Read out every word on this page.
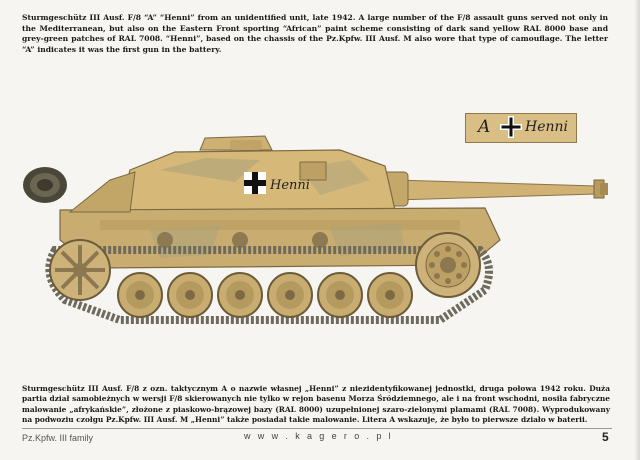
Sturmgeschütz III Ausf. F/8 “A” “Henni” from an unidentified unit, late 1942. A large number of the F/8 assault guns served not only in the Mediterranean, but also on the Eastern Front sporting “African” paint scheme consisting of dark sand yellow RAL 8000 base and grey-green patches of RAL 7008. “Henni”, based on the chassis of the Pz.Kpfw. III Ausf. M also wore that type of camouflage. The letter “A” indicates it was the first gun in the battery.

A Henni
Henni

Sturmgeschütz III Ausf. F/8 z ozn. taktycznym A o nazwie własnej „Henni” z niezidentyfikowanej jednostki, druga połowa 1942 roku. Duża partia dział samobieżnych w wersji F/8 skierowanych nie tylko w rejon basenu Morza Śródziemnego, ale i na front wschodni, nosiła fabryczne malowanie „afrykańskie”, złożone z piaskowo-brązowej bazy (RAL 8000) uzupełnionej szaro-zielonymi plamami (RAL 7008). Wyprodukowany na podwoziu czołgu Pz.Kpfw. III Ausf. M „Henni” także posiadał takie malowanie. Litera A wskazuje, że było to pierwsze działo w baterii.

Pz.Kpfw. III family	w w w . k a g e r o . p l	5
